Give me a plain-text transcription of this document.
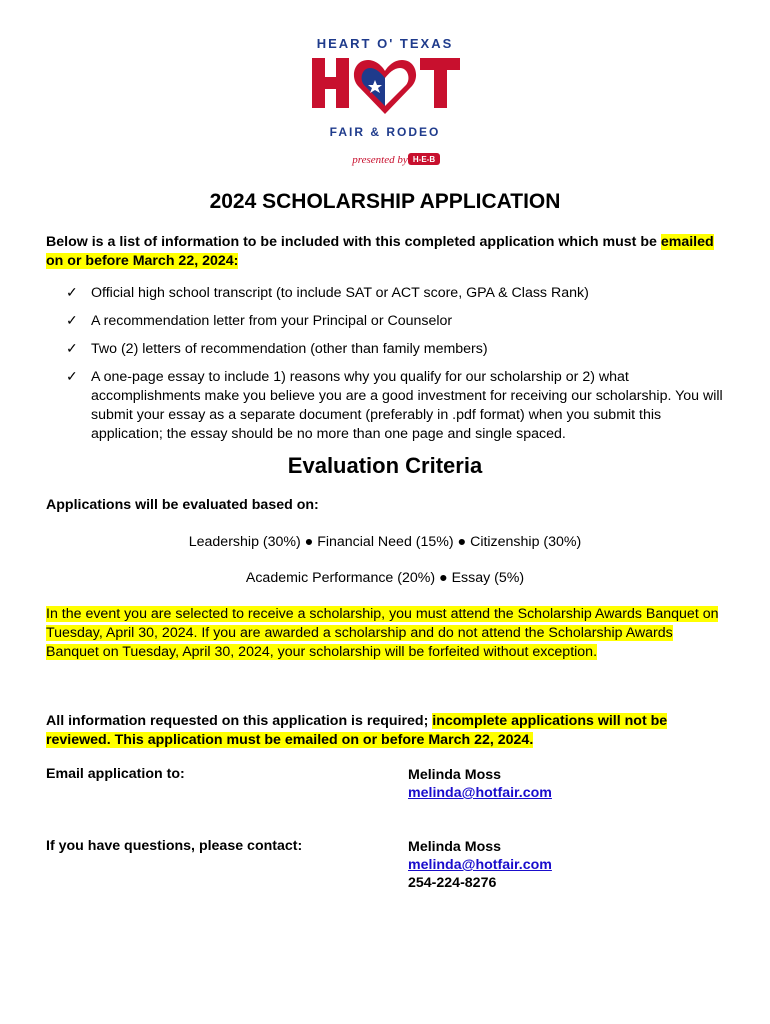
HEART O' TEXAS
FAIR & RODEO
presented by H-E-B
2024 SCHOLARSHIP APPLICATION
Below is a list of information to be included with this completed application which must be emailed on or before March 22, 2024:
✓ Official high school transcript (to include SAT or ACT score, GPA & Class Rank)
✓ A recommendation letter from your Principal or Counselor
✓ Two (2) letters of recommendation (other than family members)
✓ A one-page essay to include 1) reasons why you qualify for our scholarship or 2) what accomplishments make you believe you are a good investment for receiving our scholarship. You will submit your essay as a separate document (preferably in .pdf format) when you submit this application; the essay should be no more than one page and single spaced.
Evaluation Criteria
Applications will be evaluated based on:
Leadership (30%) ● Financial Need (15%) ● Citizenship (30%)
Academic Performance (20%) ● Essay (5%)
In the event you are selected to receive a scholarship, you must attend the Scholarship Awards Banquet on Tuesday, April 30, 2024. If you are awarded a scholarship and do not attend the Scholarship Awards Banquet on Tuesday, April 30, 2024, your scholarship will be forfeited without exception.
All information requested on this application is required; incomplete applications will not be reviewed. This application must be emailed on or before March 22, 2024.
Email application to:	Melinda Moss
melinda@hotfair.com
If you have questions, please contact:	Melinda Moss
melinda@hotfair.com
254-224-8276
